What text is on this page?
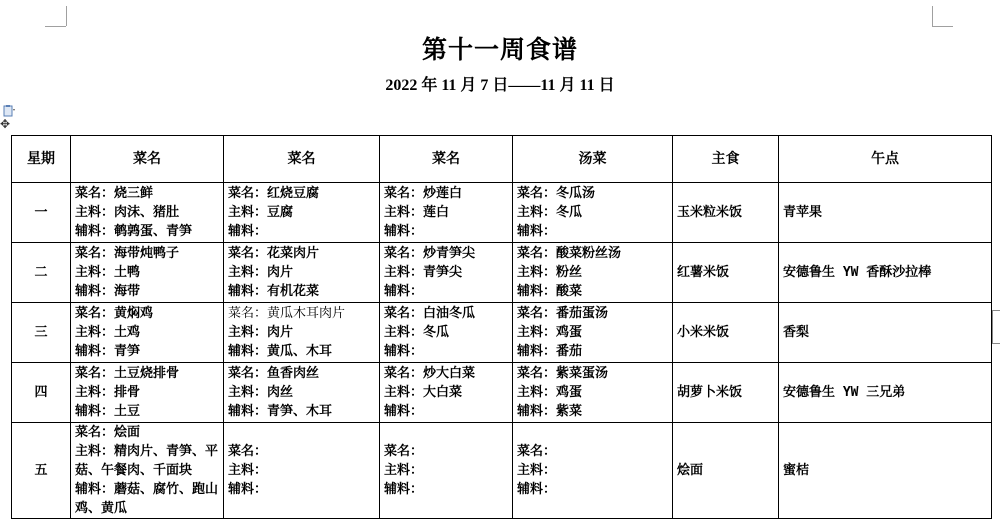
第十一周食谱
2022 年 11 月 7 日——11 月 11 日
✥
星期	菜名	菜名	菜名	汤菜	主食	午点
一	菜名：烧三鲜
主料：肉沫、猪肚
辅料：鹌鹑蛋、青笋	菜名：红烧豆腐
主料：豆腐
辅料：	菜名：炒莲白
主料：莲白
辅料：	菜名：冬瓜汤
主料：冬瓜
辅料：	玉米粒米饭	青苹果
二	菜名：海带炖鸭子
主料：土鸭
辅料：海带	菜名：花菜肉片
主料：肉片
辅料：有机花菜	菜名：炒青笋尖
主料：青笋尖
辅料：	菜名：酸菜粉丝汤
主料：粉丝
辅料：酸菜	红薯米饭	安德鲁生 YW 香酥沙拉棒
三	菜名：黄焖鸡
主料：土鸡
辅料：青笋	菜名：黄瓜木耳肉片
主料：肉片
辅料：黄瓜、木耳	菜名：白油冬瓜
主料：冬瓜
辅料：	菜名：番茄蛋汤
主料：鸡蛋
辅料：番茄	小米米饭	香梨
四	菜名：土豆烧排骨
主料：排骨
辅料：土豆	菜名：鱼香肉丝
主料：肉丝
辅料：青笋、木耳	菜名：炒大白菜
主料：大白菜
辅料：	菜名：紫菜蛋汤
主料：鸡蛋
辅料：紫菜	胡萝卜米饭	安德鲁生 YW 三兄弟
五	菜名：烩面
主料：精肉片、青笋、平菇、午餐肉、千面块
辅料：蘑菇、腐竹、跑山鸡、黄瓜	菜名：
主料：
辅料：	菜名：
主料：
辅料：	菜名：
主料：
辅料：	烩面	蜜桔
